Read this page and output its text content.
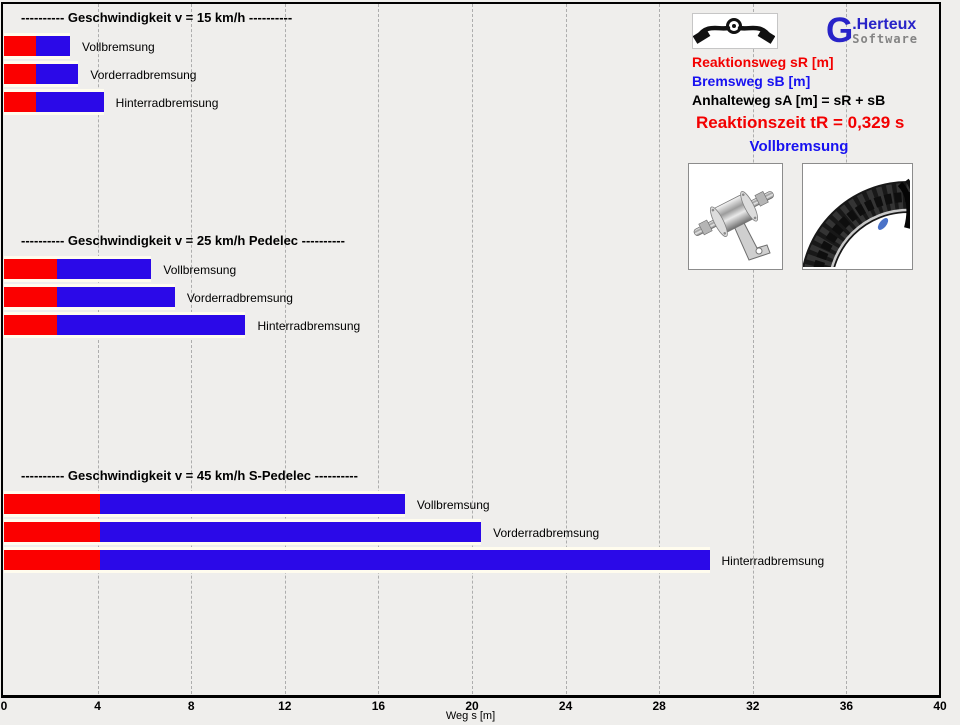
0	4	8	12	16	20	24	28	32	36	40
---------- Geschwindigkeit v = 15 km/h ----------
Vollbremsung
Vorderradbremsung
Hinterradbremsung
---------- Geschwindigkeit v = 25 km/h Pedelec ----------
Vollbremsung
Vorderradbremsung
Hinterradbremsung
---------- Geschwindigkeit v = 45 km/h S-Pedelec ----------
Vollbremsung
Vorderradbremsung
Hinterradbremsung
Weg s [m]
G .Herteux
Software
Reaktionsweg sR [m]
Bremsweg sB [m]
Anhalteweg sA [m] = sR + sB
Reaktionszeit tR = 0,329 s
Vollbremsung
